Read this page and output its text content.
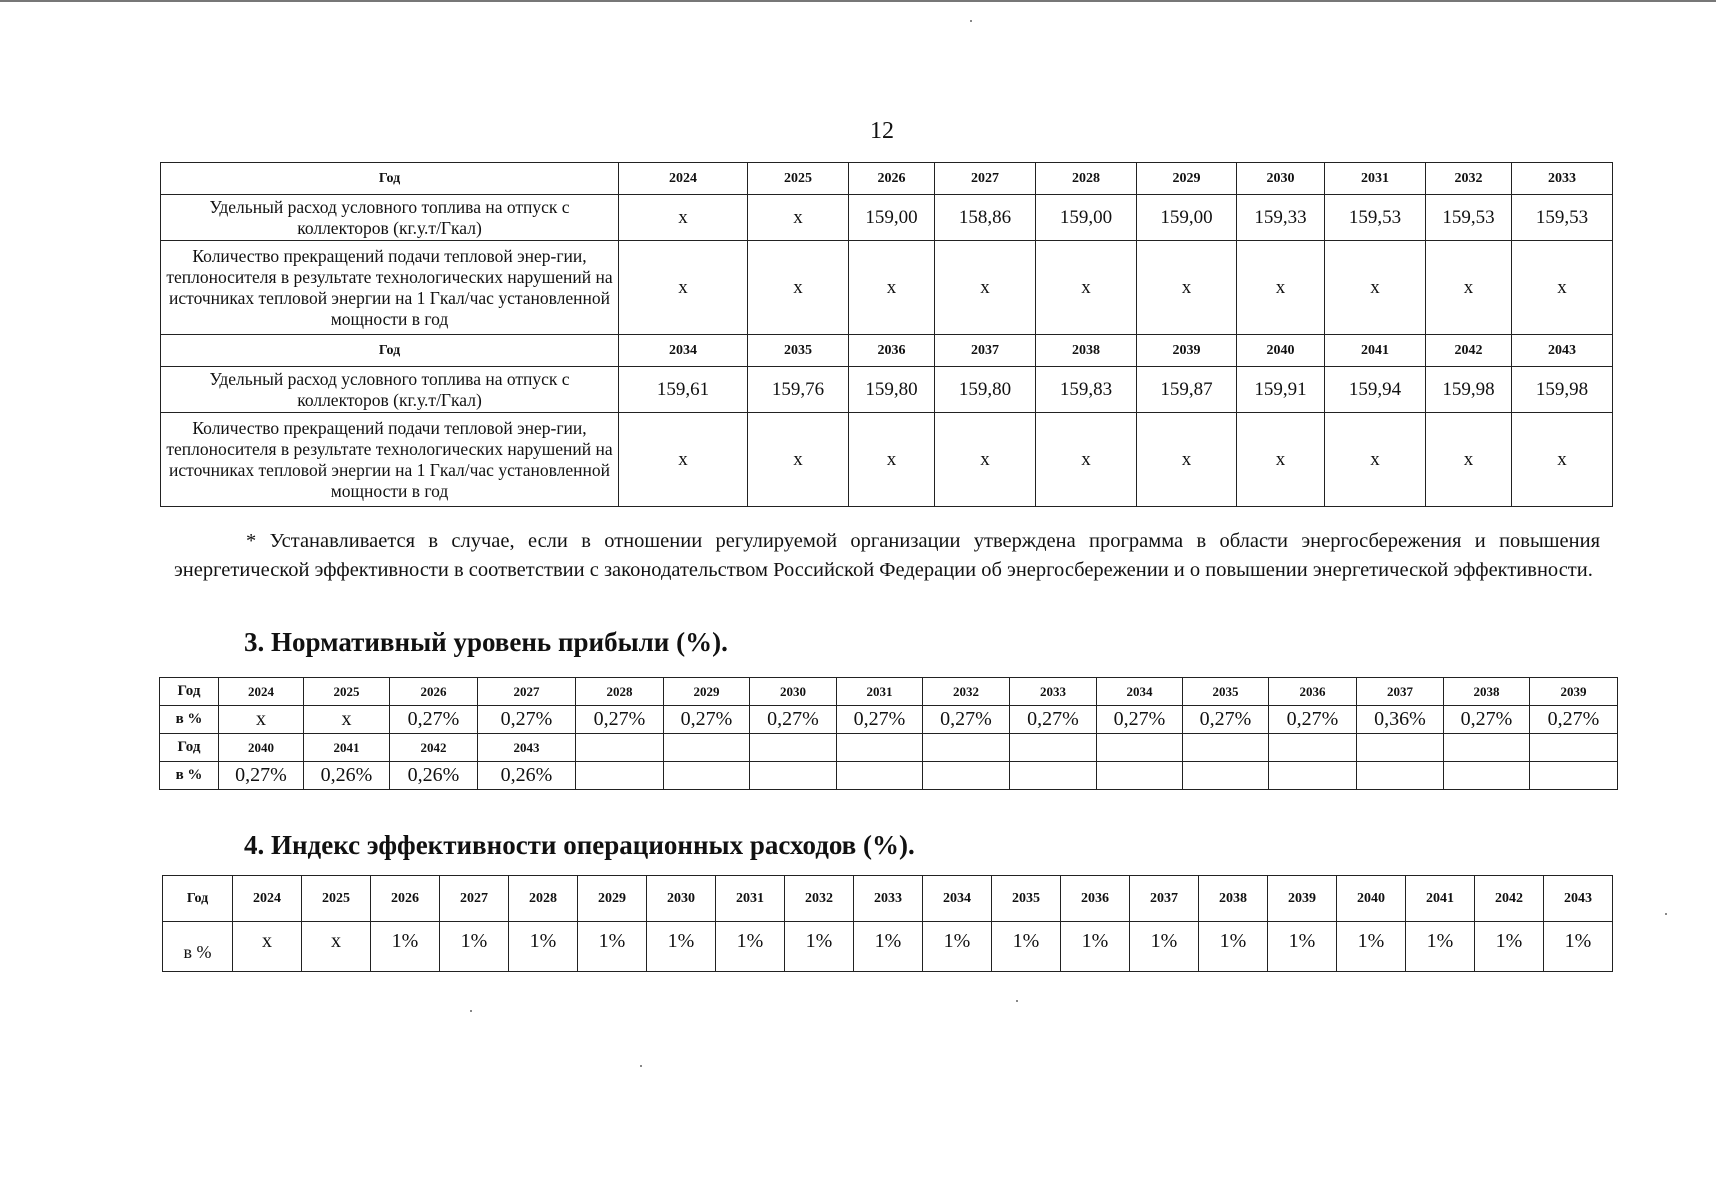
12
Год	2024	2025	2026	2027	2028	2029	2030	2031	2032	2033
Удельный расход условного топлива на отпуск с коллекторов (кг.у.т/Гкал)	x	x	159,00	158,86	159,00	159,00	159,33	159,53	159,53	159,53
Количество прекращений подачи тепловой энер-гии, теплоносителя в результате технологических нарушений на источниках тепловой энергии на 1 Гкал/час установленной мощности в год	x	x	x	x	x	x	x	x	x	x
Год	2034	2035	2036	2037	2038	2039	2040	2041	2042	2043
Удельный расход условного топлива на отпуск с коллекторов (кг.у.т/Гкал)	159,61	159,76	159,80	159,80	159,83	159,87	159,91	159,94	159,98	159,98
Количество прекращений подачи тепловой энер-гии, теплоносителя в результате технологических нарушений на источниках тепловой энергии на 1 Гкал/час установленной мощности в год	x	x	x	x	x	x	x	x	x	x
* Устанавливается в случае, если в отношении регулируемой организации утверждена программа в области энергосбережения и повышения энергетической эффективности в соответствии с законодательством Российской Федерации об энергосбережении и о повышении энергетической эффективности.
3. Нормативный уровень прибыли (%).
Год	2024	2025	2026	2027	2028	2029	2030	2031	2032	2033	2034	2035	2036	2037	2038	2039
в %	x	x	0,27%	0,27%	0,27%	0,27%	0,27%	0,27%	0,27%	0,27%	0,27%	0,27%	0,27%	0,36%	0,27%	0,27%
Год	2040	2041	2042	2043												
в %	0,27%	0,26%	0,26%	0,26%												
4. Индекс эффективности операционных расходов (%).
Год	2024	2025	2026	2027	2028	2029	2030	2031	2032	2033	2034	2035	2036	2037	2038	2039	2040	2041	2042	2043
в %	x	x	1%	1%	1%	1%	1%	1%	1%	1%	1%	1%	1%	1%	1%	1%	1%	1%	1%	1%
